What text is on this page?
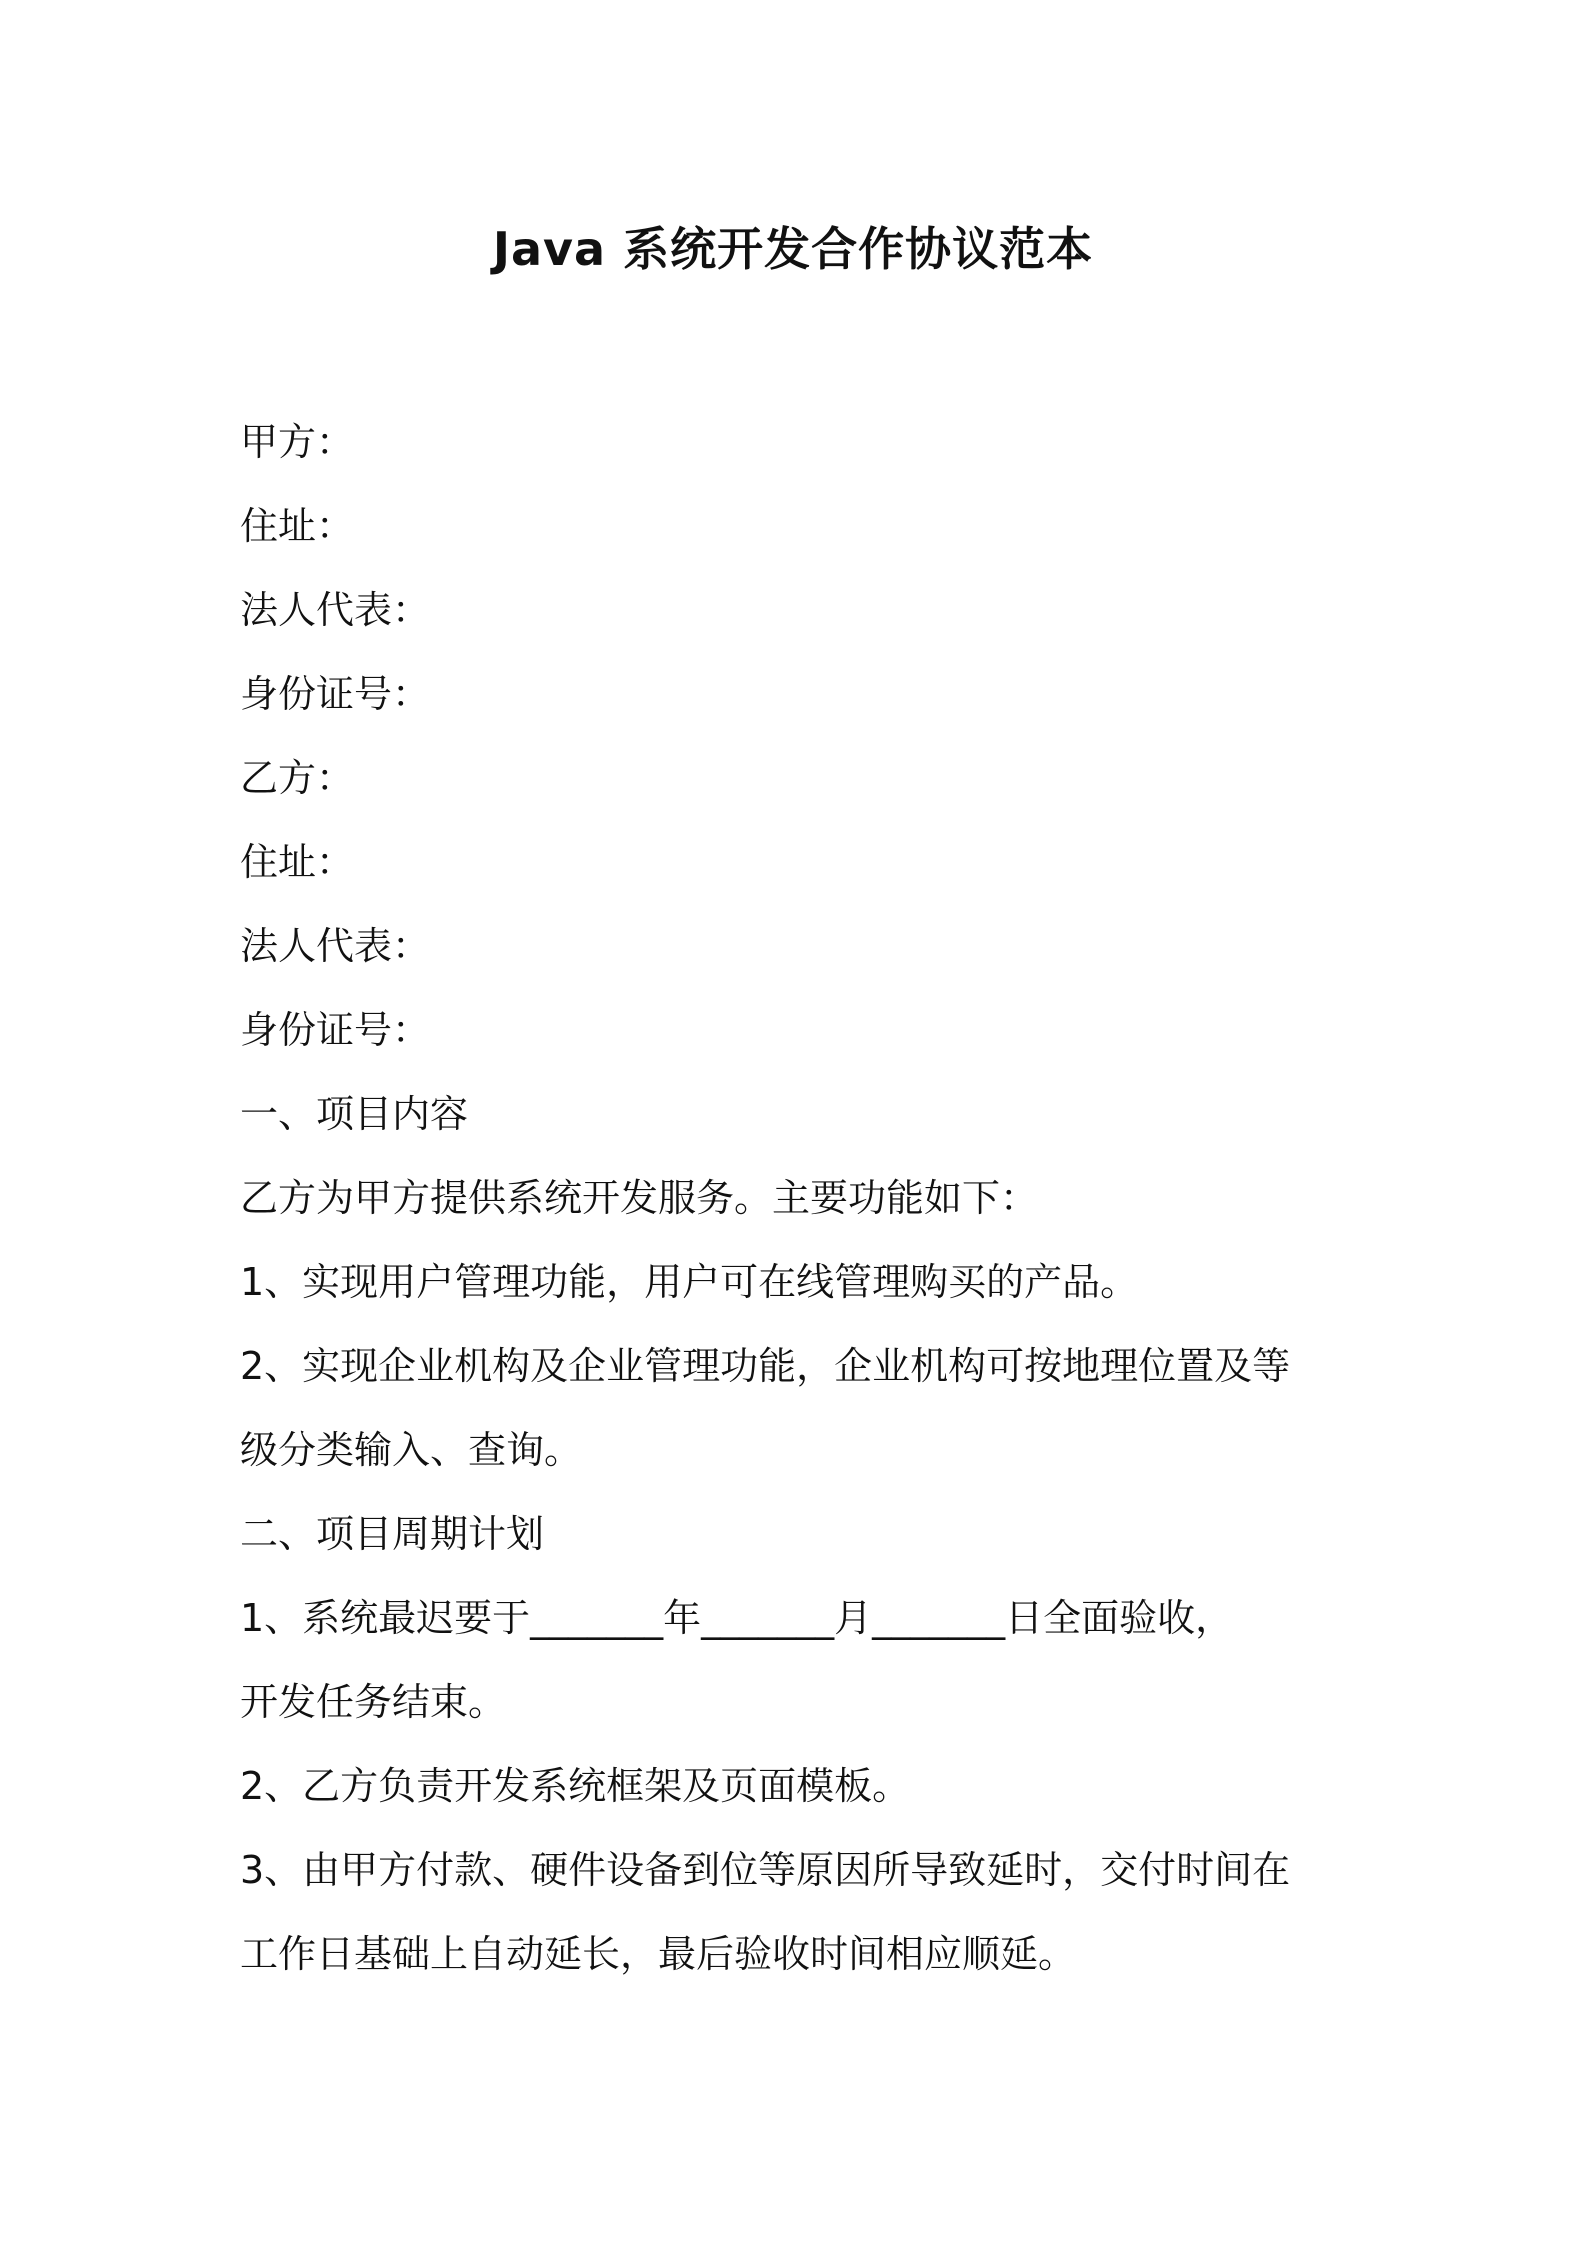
Java 系统开发合作协议范本

甲方：

住址：

法人代表：

身份证号：

乙方：

住址：

法人代表：

身份证号：

一、项目内容

乙方为甲方提供系统开发服务。主要功能如下：

1、实现用户管理功能，用户可在线管理购买的产品。

2、实现企业机构及企业管理功能，企业机构可按地理位置及等

级分类输入、查询。

二、项目周期计划

1、系统最迟要于_______年_______月_______日全面验收，

开发任务结束。

2、乙方负责开发系统框架及页面模板。

3、由甲方付款、硬件设备到位等原因所导致延时，交付时间在

工作日基础上自动延长，最后验收时间相应顺延。
